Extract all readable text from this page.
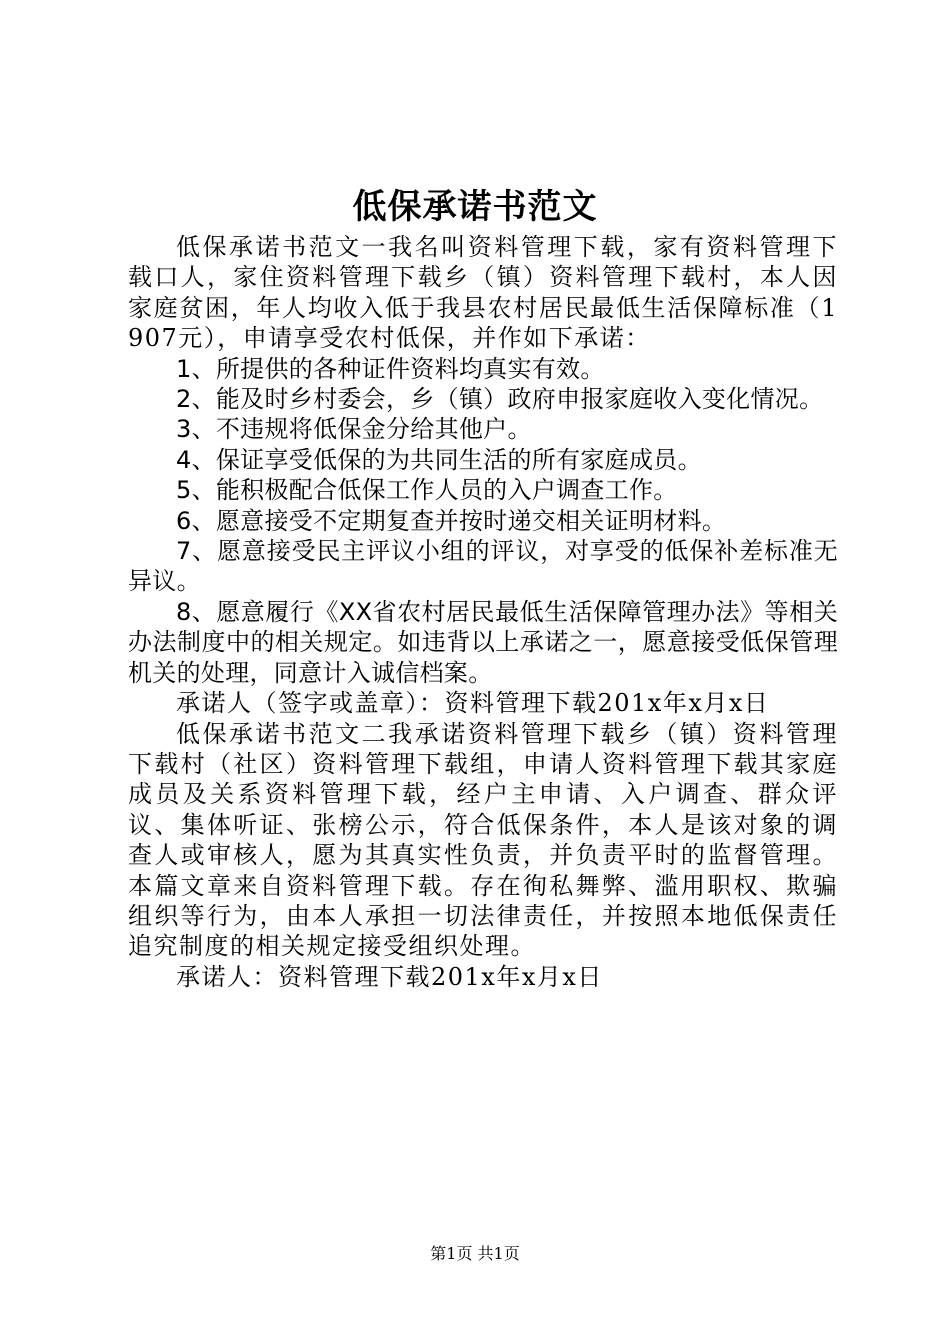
低保承诺书范文

低保承诺书范文一我名叫资料管理下载，家有资料管理下载口人，家住资料管理下载乡（镇）资料管理下载村，本人因家庭贫困，年人均收入低于我县农村居民最低生活保障标准（1907元），申请享受农村低保，并作如下承诺：

1、所提供的各种证件资料均真实有效。

2、能及时乡村委会，乡（镇）政府申报家庭收入变化情况。

3、不违规将低保金分给其他户。

4、保证享受低保的为共同生活的所有家庭成员。

5、能积极配合低保工作人员的入户调查工作。

6、愿意接受不定期复查并按时递交相关证明材料。

7、愿意接受民主评议小组的评议，对享受的低保补差标准无异议。

8、愿意履行《XX省农村居民最低生活保障管理办法》等相关办法制度中的相关规定。如违背以上承诺之一，愿意接受低保管理机关的处理，同意计入诚信档案。

承诺人（签字或盖章）：资料管理下载201x年x月x日

低保承诺书范文二我承诺资料管理下载乡（镇）资料管理下载村（社区）资料管理下载组，申请人资料管理下载其家庭成员及关系资料管理下载，经户主申请、入户调查、群众评议、集体听证、张榜公示，符合低保条件，本人是该对象的调查人或审核人，愿为其真实性负责，并负责平时的监督管理。本篇文章来自资料管理下载。存在徇私舞弊、滥用职权、欺骗组织等行为，由本人承担一切法律责任，并按照本地低保责任追究制度的相关规定接受组织处理。

承诺人：资料管理下载201x年x月x日

第1页 共1页
